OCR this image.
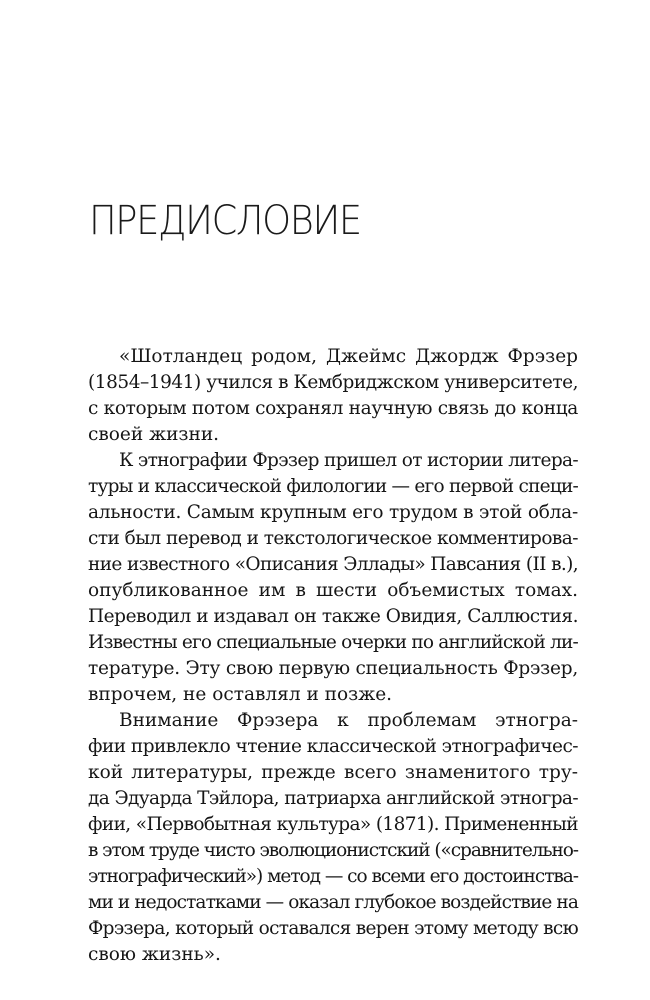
ПРЕДИСЛОВИЕ
«Шотландец родом, Джеймс Джордж Фрэзер
(1854–1941) учился в Кембриджском университете,
с которым потом сохранял научную связь до конца
своей жизни.
К этнографии Фрэзер пришел от истории литера-
туры и классической филологии — его первой специ-
альности. Самым крупным его трудом в этой обла-
сти был перевод и текстологическое комментирова-
ние известного «Описания Эллады» Павсания (II в.),
опубликованное им в шести объемистых томах.
Переводил и издавал он также Овидия, Саллюстия.
Известны его специальные очерки по английской ли-
тературе. Эту свою первую специальность Фрэзер,
впрочем, не оставлял и позже.
Внимание Фрэзера к проблемам этногра-
фии привлекло чтение классической этнографичес-
кой литературы, прежде всего знаменитого тру-
да Эдуарда Тэйлора, патриарха английской этногра-
фии, «Первобытная культура» (1871). Примененный
в этом труде чисто эволюционистский («сравнительно-
этнографический») метод — со всеми его достоинства-
ми и недостатками — оказал глубокое воздействие на
Фрэзера, который оставался верен этому методу всю
свою жизнь».
